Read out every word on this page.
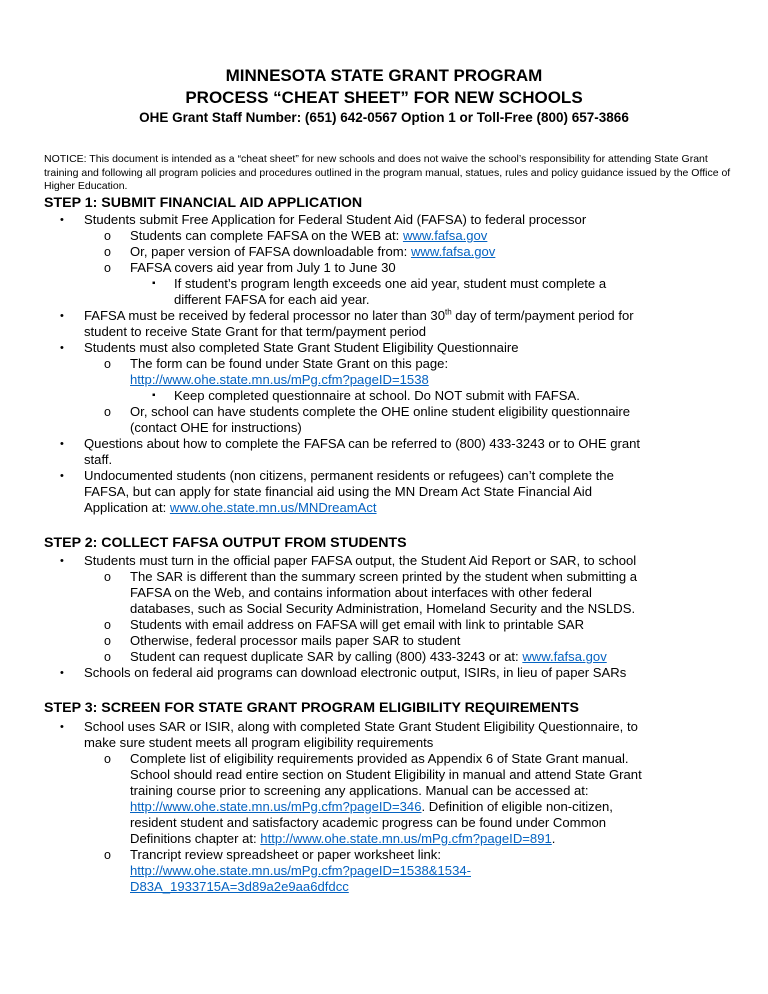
MINNESOTA STATE GRANT PROGRAM
PROCESS “CHEAT SHEET” FOR NEW SCHOOLS
OHE Grant Staff Number: (651) 642-0567 Option 1 or Toll-Free (800) 657-3866
NOTICE: This document is intended as a “cheat sheet” for new schools and does not waive the school’s responsibility for attending State Grant training and following all program policies and procedures outlined in the program manual, statues, rules and policy guidance issued by the Office of Higher Education.
STEP 1: SUBMIT FINANCIAL AID APPLICATION
• Students submit Free Application for Federal Student Aid (FAFSA) to federal processor
o Students can complete FAFSA on the WEB at: www.fafsa.gov
o Or, paper version of FAFSA downloadable from: www.fafsa.gov
o FAFSA covers aid year from July 1 to June 30
▪ If student’s program length exceeds one aid year, student must complete a
different FAFSA for each aid year.
• FAFSA must be received by federal processor no later than 30th day of term/payment period for
student to receive State Grant for that term/payment period
• Students must also completed State Grant Student Eligibility Questionnaire
o The form can be found under State Grant on this page:
http://www.ohe.state.mn.us/mPg.cfm?pageID=1538
▪ Keep completed questionnaire at school. Do NOT submit with FAFSA.
o Or, school can have students complete the OHE online student eligibility questionnaire
(contact OHE for instructions)
• Questions about how to complete the FAFSA can be referred to (800) 433-3243 or to OHE grant
staff.
• Undocumented students (non citizens, permanent residents or refugees) can’t complete the
FAFSA, but can apply for state financial aid using the MN Dream Act State Financial Aid
Application at: www.ohe.state.mn.us/MNDreamAct
STEP 2: COLLECT FAFSA OUTPUT FROM STUDENTS
• Students must turn in the official paper FAFSA output, the Student Aid Report or SAR, to school
o The SAR is different than the summary screen printed by the student when submitting a
FAFSA on the Web, and contains information about interfaces with other federal
databases, such as Social Security Administration, Homeland Security and the NSLDS.
o Students with email address on FAFSA will get email with link to printable SAR
o Otherwise, federal processor mails paper SAR to student
o Student can request duplicate SAR by calling (800) 433-3243 or at: www.fafsa.gov
• Schools on federal aid programs can download electronic output, ISIRs, in lieu of paper SARs
STEP 3: SCREEN FOR STATE GRANT PROGRAM ELIGIBILITY REQUIREMENTS
• School uses SAR or ISIR, along with completed State Grant Student Eligibility Questionnaire, to
make sure student meets all program eligibility requirements
o Complete list of eligibility requirements provided as Appendix 6 of State Grant manual.
School should read entire section on Student Eligibility in manual and attend State Grant
training course prior to screening any applications. Manual can be accessed at:
http://www.ohe.state.mn.us/mPg.cfm?pageID=346. Definition of eligible non-citizen,
resident student and satisfactory academic progress can be found under Common
Definitions chapter at: http://www.ohe.state.mn.us/mPg.cfm?pageID=891.
o Trancript review spreadsheet or paper worksheet link:
http://www.ohe.state.mn.us/mPg.cfm?pageID=1538&1534-
D83A_1933715A=3d89a2e9aa6dfdcc
